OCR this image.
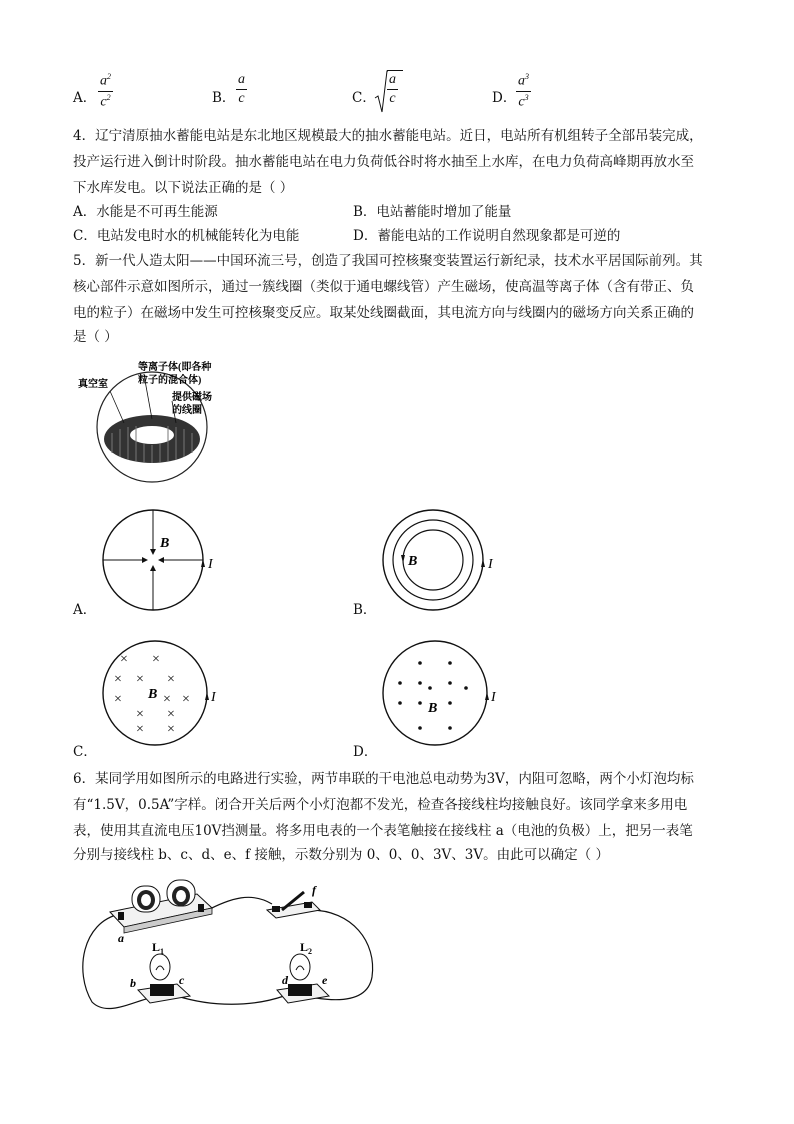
A．
$a^2$
$c^2$	B．
a
c	C．
a
c	D．
$a^3$
$c^3$
4．辽宁清原抽水蓄能电站是东北地区规模最大的抽水蓄能电站。近日，电站所有机组转子全部吊装完成，
投产运行进入倒计时阶段。抽水蓄能电站在电力负荷低谷时将水抽至上水库，在电力负荷高峰期再放水至
下水库发电。以下说法正确的是（ ）
A．水能是不可再生能源	B．电站蓄能时增加了能量
C．电站发电时水的机械能转化为电能	D．蓄能电站的工作说明自然现象都是可逆的
5．新一代人造太阳——中国环流三号，创造了我国可控核聚变装置运行新纪录，技术水平居国际前列。其
核心部件示意如图所示，通过一簇线圈（类似于通电螺线管）产生磁场，使高温等离子体（含有带正、负
电的粒子）在磁场中发生可控核聚变反应。取某处线圈截面，其电流方向与线圈内的磁场方向关系正确的
是（ ）
真空室
等离子体(即各种
粒子的混合体)
提供磁场
的线圈
B
I
A．
B	I
B．
× ×
× × ×
×	× ×
× ×
× ×
B	I
C．
B
I
D．
6．某同学用如图所示的电路进行实验，两节串联的干电池总电动势为3V，内阻可忽略，两个小灯泡均标
有“1.5V，0.5A”字样。闭合开关后两个小灯泡都不发光，检查各接线柱均接触良好。该同学拿来多用电
表，使用其直流电压10V挡测量。将多用电表的一个表笔触接在接线柱 a（电池的负极）上，把另一表笔
分别与接线柱 b、c、d、e、f 接触，示数分别为 0、0、0、3V、3V。由此可以确定（ ）
a
f
$L_1$
b	c
$L_2$
d	e
